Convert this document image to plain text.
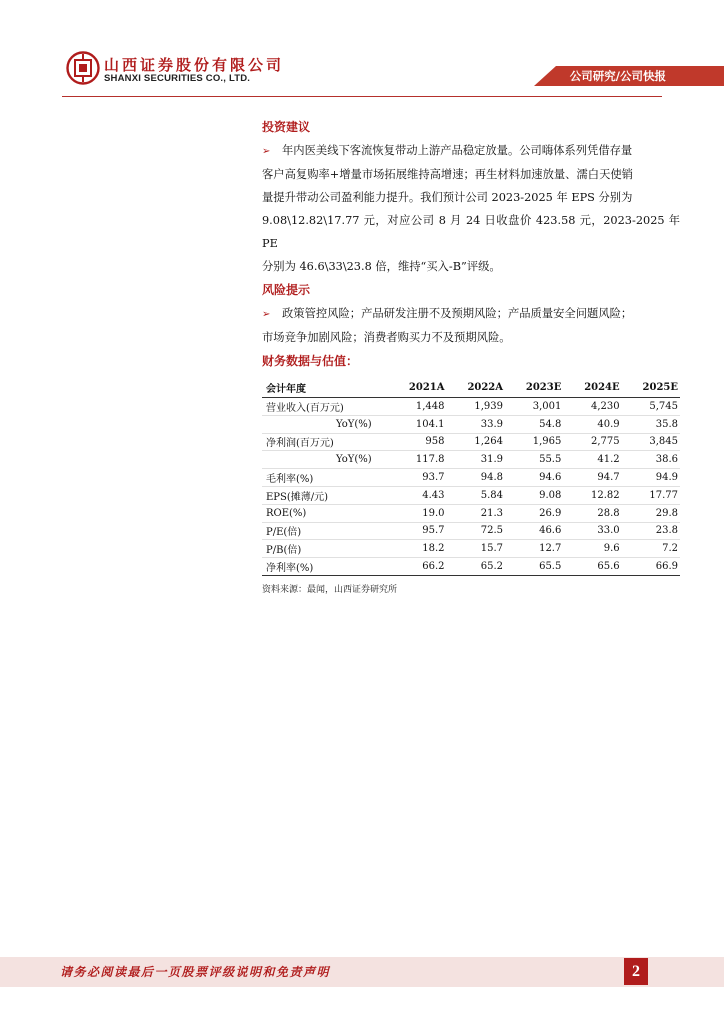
山西证券股份有限公司
SHANXI SECURITIES CO., LTD.	公司研究/公司快报
投资建议

➢ 年内医美线下客流恢复带动上游产品稳定放量。公司嗨体系列凭借存量

客户高复购率+增量市场拓展维持高增速；再生材料加速放量、濡白天使销

量提升带动公司盈利能力提升。我们预计公司 2023-2025 年 EPS 分别为

9.08\12.82\17.77 元，对应公司 8 月 24 日收盘价 423.58 元，2023-2025 年 PE

分别为 46.6\33\23.8 倍，维持“买入-B”评级。

风险提示

➢ 政策管控风险；产品研发注册不及预期风险；产品质量安全问题风险；

市场竞争加剧风险；消费者购买力不及预期风险。

财务数据与估值：
会计年度	2021A	2022A	2023E	2024E	2025E
营业收入(百万元)	1,448	1,939	3,001	4,230	5,745
YoY(%)	104.1	33.9	54.8	40.9	35.8
净利润(百万元)	958	1,264	1,965	2,775	3,845
YoY(%)	117.8	31.9	55.5	41.2	38.6
毛利率(%)	93.7	94.8	94.6	94.7	94.9
EPS(摊薄/元)	4.43	5.84	9.08	12.82	17.77
ROE(%)	19.0	21.3	26.9	28.8	29.8
P/E(倍)	95.7	72.5	46.6	33.0	23.8
P/B(倍)	18.2	15.7	12.7	9.6	7.2
净利率(%)	66.2	65.2	65.5	65.6	66.9
资料来源：最闻，山西证券研究所
请务必阅读最后一页股票评级说明和免责声明	2
